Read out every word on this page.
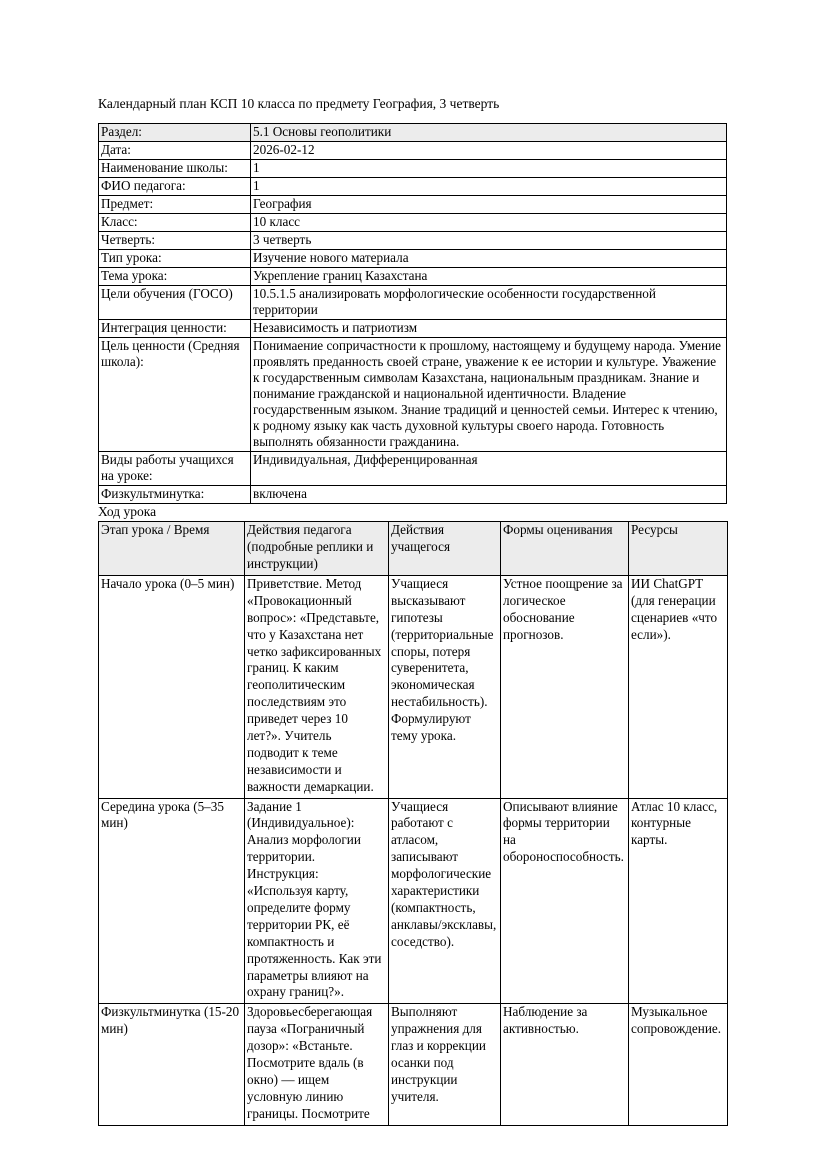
Календарный план КСП 10 класса по предмету География, 3 четверть

Раздел:	5.1 Основы геополитики
Дата:	2026-02-12
Наименование школы:	1
ФИО педагога:	1
Предмет:	География
Класс:	10 класс
Четверть:	3 четверть
Тип урока:	Изучение нового материала
Тема урока:	Укрепление границ Казахстана
Цели обучения (ГОСО)	10.5.1.5 анализировать морфологические особенности государственной территории
Интеграция ценности:	Независимость и патриотизм
Цель ценности (Средняя школа):	Понимаение сопричастности к прошлому, настоящему и будущему народа. Умение проявлять преданность своей стране, уважение к ее истории и культуре. Уважение к государственным символам Казахстана, национальным праздникам. Знание и понимание гражданской и национальной идентичности. Владение государственным языком. Знание традиций и ценностей семьи. Интерес к чтению, к родному языку как часть духовной культуры своего народа. Готовность выполнять обязанности гражданина.
Виды работы учащихся на уроке:	Индивидуальная, Дифференцированная
Физкультминутка:	включена

Ход урока

Этап урока / Время	Действия педагога (подробные реплики и инструкции)	Действия учащегося	Формы оценивания	Ресурсы
Начало урока (0–5 мин)	Приветствие. Метод «Провокационный вопрос»: «Представьте, что у Казахстана нет четко зафиксированных границ. К каким геополитическим последствиям это приведет через 10 лет?». Учитель подводит к теме независимости и важности демаркации.	Учащиеся высказывают гипотезы (территориальные споры, потеря суверенитета, экономическая нестабильность). Формулируют тему урока.	Устное поощрение за логическое обоснование прогнозов.	ИИ ChatGPT (для генерации сценариев «что если»).
Середина урока (5–35 мин)	Задание 1 (Индивидуальное): Анализ морфологии территории. Инструкция: «Используя карту, определите форму территории РК, её компактность и протяженность. Как эти параметры влияют на охрану границ?».	Учащиеся работают с атласом, записывают морфологические характеристики (компактность, анклавы/эксклавы, соседство).	Описывают влияние формы территории на обороноспособность.	Атлас 10 класс, контурные карты.
Физкультминутка (15-20 мин)	Здоровьесберегающая пауза «Пограничный дозор»: «Встаньте. Посмотрите вдаль (в окно) — ищем условную линию границы. Посмотрите	Выполняют упражнения для глаз и коррекции осанки под инструкции учителя.	Наблюдение за активностью.	Музыкальное сопровождение.
